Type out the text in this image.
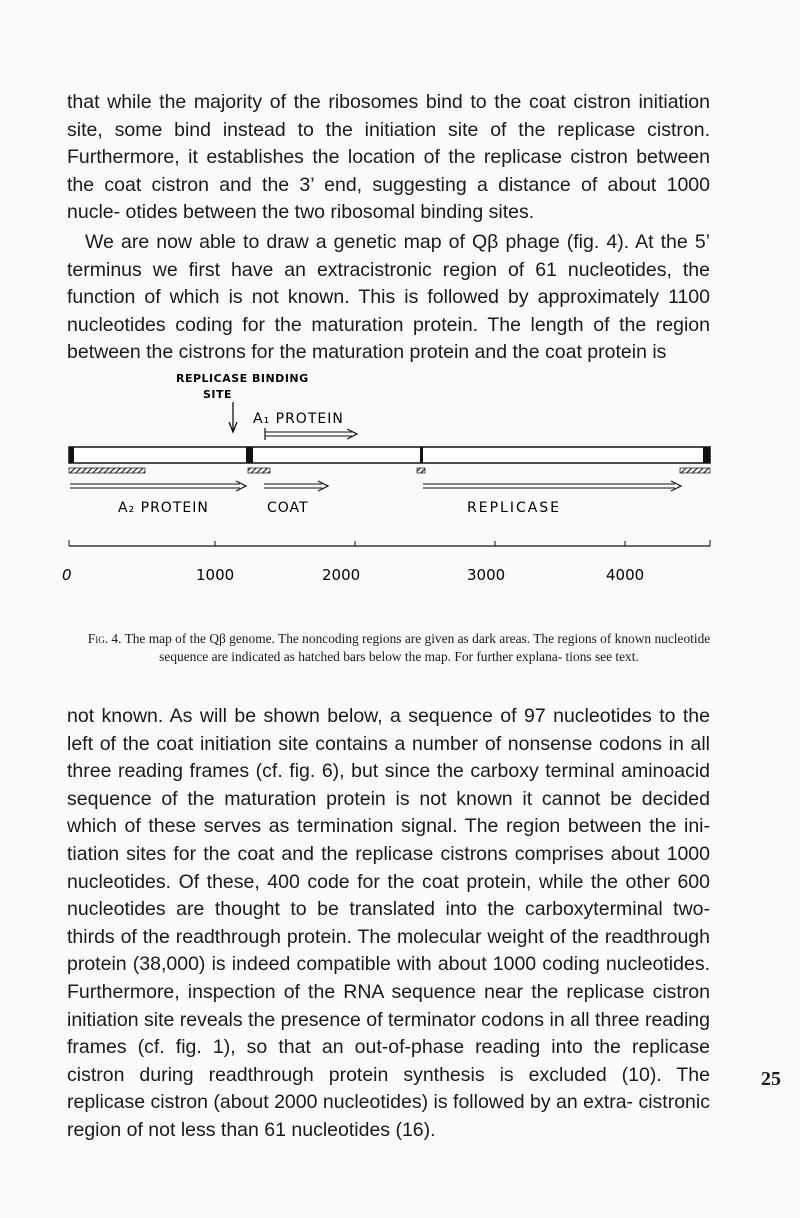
that while the majority of the ribosomes bind to the coat cistron initiation site, some bind instead to the initiation site of the replicase cistron. Furthermore, it establishes the location of the replicase cistron between the coat cistron and the 3’ end, suggesting a distance of about 1000 nucle- otides between the two ribosomal binding sites.

We are now able to draw a genetic map of Qβ phage (fig. 4). At the 5’ terminus we first have an extracistronic region of 61 nucleotides, the function of which is not known. This is followed by approximately 1100 nucleotides coding for the maturation protein. The length of the region between the cistrons for the maturation protein and the coat protein is

REPLICASE BINDING
SITE
A₁ PROTEIN
A₂ PROTEIN	COAT	REPLICASE
0	1000	2000	3000	4000
Fig. 4. The map of the Qβ genome. The noncoding regions are given as dark areas. The regions of known nucleotide sequence are indicated as hatched bars below the map. For further explana- tions see text.

not known. As will be shown below, a sequence of 97 nucleotides to the left of the coat initiation site contains a number of nonsense codons in all three reading frames (cf. fig. 6), but since the carboxy terminal aminoacid sequence of the maturation protein is not known it cannot be decided which of these serves as termination signal. The region between the ini- tiation sites for the coat and the replicase cistrons comprises about 1000 nucleotides. Of these, 400 code for the coat protein, while the other 600 nucleotides are thought to be translated into the carboxyterminal two-thirds of the readthrough protein. The molecular weight of the readthrough protein (38,000) is indeed compatible with about 1000 coding nucleotides. Furthermore, inspection of the RNA sequence near the replicase cistron initiation site reveals the presence of terminator codons in all three reading frames (cf. fig. 1), so that an out-of-phase reading into the replicase cistron during readthrough protein synthesis is excluded (10). The replicase cistron (about 2000 nucleotides) is followed by an extra- cistronic region of not less than 61 nucleotides (16).

25
